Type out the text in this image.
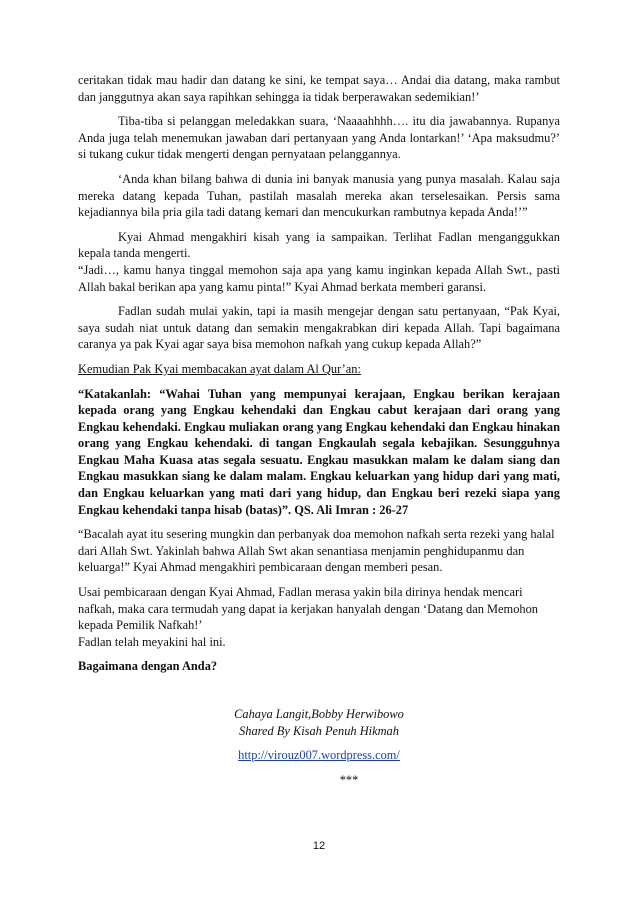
ceritakan tidak mau hadir dan datang ke sini, ke tempat saya… Andai dia datang, maka rambut dan janggutnya akan saya rapihkan sehingga ia tidak berperawakan sedemikian!’

Tiba-tiba si pelanggan meledakkan suara, ‘Naaaahhhh…. itu dia jawabannya. Rupanya Anda juga telah menemukan jawaban dari pertanyaan yang Anda lontarkan!’ ‘Apa maksudmu?’ si tukang cukur tidak mengerti dengan pernyataan pelanggannya.

‘Anda khan bilang bahwa di dunia ini banyak manusia yang punya masalah. Kalau saja mereka datang kepada Tuhan, pastilah masalah mereka akan terselesaikan. Persis sama kejadiannya bila pria gila tadi datang kemari dan mencukurkan rambutnya kepada Anda!’”

Kyai Ahmad mengakhiri kisah yang ia sampaikan. Terlihat Fadlan menganggukkan kepala tanda mengerti.

“Jadi…, kamu hanya tinggal memohon saja apa yang kamu inginkan kepada Allah Swt., pasti Allah bakal berikan apa yang kamu pinta!” Kyai Ahmad berkata memberi garansi.

Fadlan sudah mulai yakin, tapi ia masih mengejar dengan satu pertanyaan, “Pak Kyai, saya sudah niat untuk datang dan semakin mengakrabkan diri kepada Allah. Tapi bagaimana caranya ya pak Kyai agar saya bisa memohon nafkah yang cukup kepada Allah?”

Kemudian Pak Kyai membacakan ayat dalam Al Qur’an:

“Katakanlah: “Wahai Tuhan yang mempunyai kerajaan, Engkau berikan kerajaan kepada orang yang Engkau kehendaki dan Engkau cabut kerajaan dari orang yang Engkau kehendaki. Engkau muliakan orang yang Engkau kehendaki dan Engkau hinakan orang yang Engkau kehendaki. di tangan Engkaulah segala kebajikan. Sesungguhnya Engkau Maha Kuasa atas segala sesuatu. Engkau masukkan malam ke dalam siang dan Engkau masukkan siang ke dalam malam. Engkau keluarkan yang hidup dari yang mati, dan Engkau keluarkan yang mati dari yang hidup, dan Engkau beri rezeki siapa yang Engkau kehendaki tanpa hisab (batas)”. QS. Ali Imran : 26-27

“Bacalah ayat itu sesering mungkin dan perbanyak doa memohon nafkah serta rezeki yang halal dari Allah Swt. Yakinlah bahwa Allah Swt akan senantiasa menjamin penghidupanmu dan keluarga!” Kyai Ahmad mengakhiri pembicaraan dengan memberi pesan.

Usai pembicaraan dengan Kyai Ahmad, Fadlan merasa yakin bila dirinya hendak mencari nafkah, maka cara termudah yang dapat ia kerjakan hanyalah dengan ‘Datang dan Memohon kepada Pemilik Nafkah!’

Fadlan telah meyakini hal ini.

Bagaimana dengan Anda?

Cahaya Langit,Bobby Herwibowo
Shared By Kisah Penuh Hikmah
http://virouz007.wordpress.com/
***
12
